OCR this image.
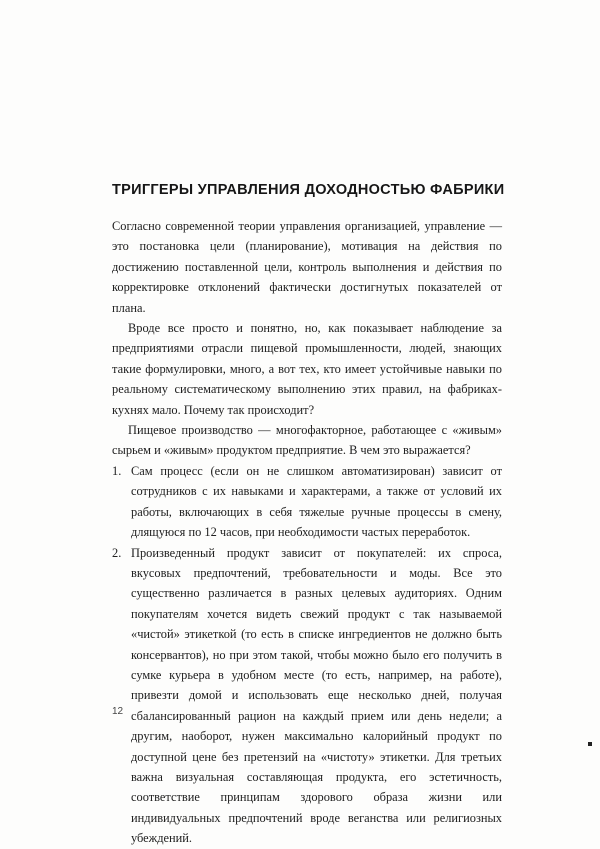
ТРИГГЕРЫ УПРАВЛЕНИЯ ДОХОДНОСТЬЮ ФАБРИКИ

Согласно современной теории управления организацией, управление — это постановка цели (планирование), мотивация на действия по достижению поставленной цели, контроль выполнения и действия по корректировке отклонений фактически достигнутых показателей от плана.

Вроде все просто и понятно, но, как показывает наблюдение за предприятиями отрасли пищевой промышленности, людей, знающих такие формулировки, много, а вот тех, кто имеет устойчивые навыки по реальному систематическому выполнению этих правил, на фабриках-кухнях мало. Почему так происходит?

Пищевое производство — многофакторное, работающее с «живым» сырьем и «живым» продуктом предприятие. В чем это выражается?

1. Сам процесс (если он не слишком автоматизирован) зависит от сотрудников с их навыками и характерами, а также от условий их работы, включающих в себя тяжелые ручные процессы в смену, длящуюся по 12 часов, при необходимости частых переработок.
2. Произведенный продукт зависит от покупателей: их спроса, вкусовых предпочтений, требовательности и моды. Все это существенно различается в разных целевых аудиториях. Одним покупателям хочется видеть свежий продукт с так называемой «чистой» этикеткой (то есть в списке ингредиентов не должно быть консервантов), но при этом такой, чтобы можно было его получить в сумке курьера в удобном месте (то есть, например, на работе), привезти домой и использовать еще несколько дней, получая сбалансированный рацион на каждый прием или день недели; а другим, наоборот, нужен максимально калорийный продукт по доступной цене без претензий на «чистоту» этикетки. Для третьих важна визуальная составляющая продукта, его эстетичность, соответствие принципам здорового образа жизни или индивидуальных предпочтений вроде веганства или религиозных убеждений.
12
